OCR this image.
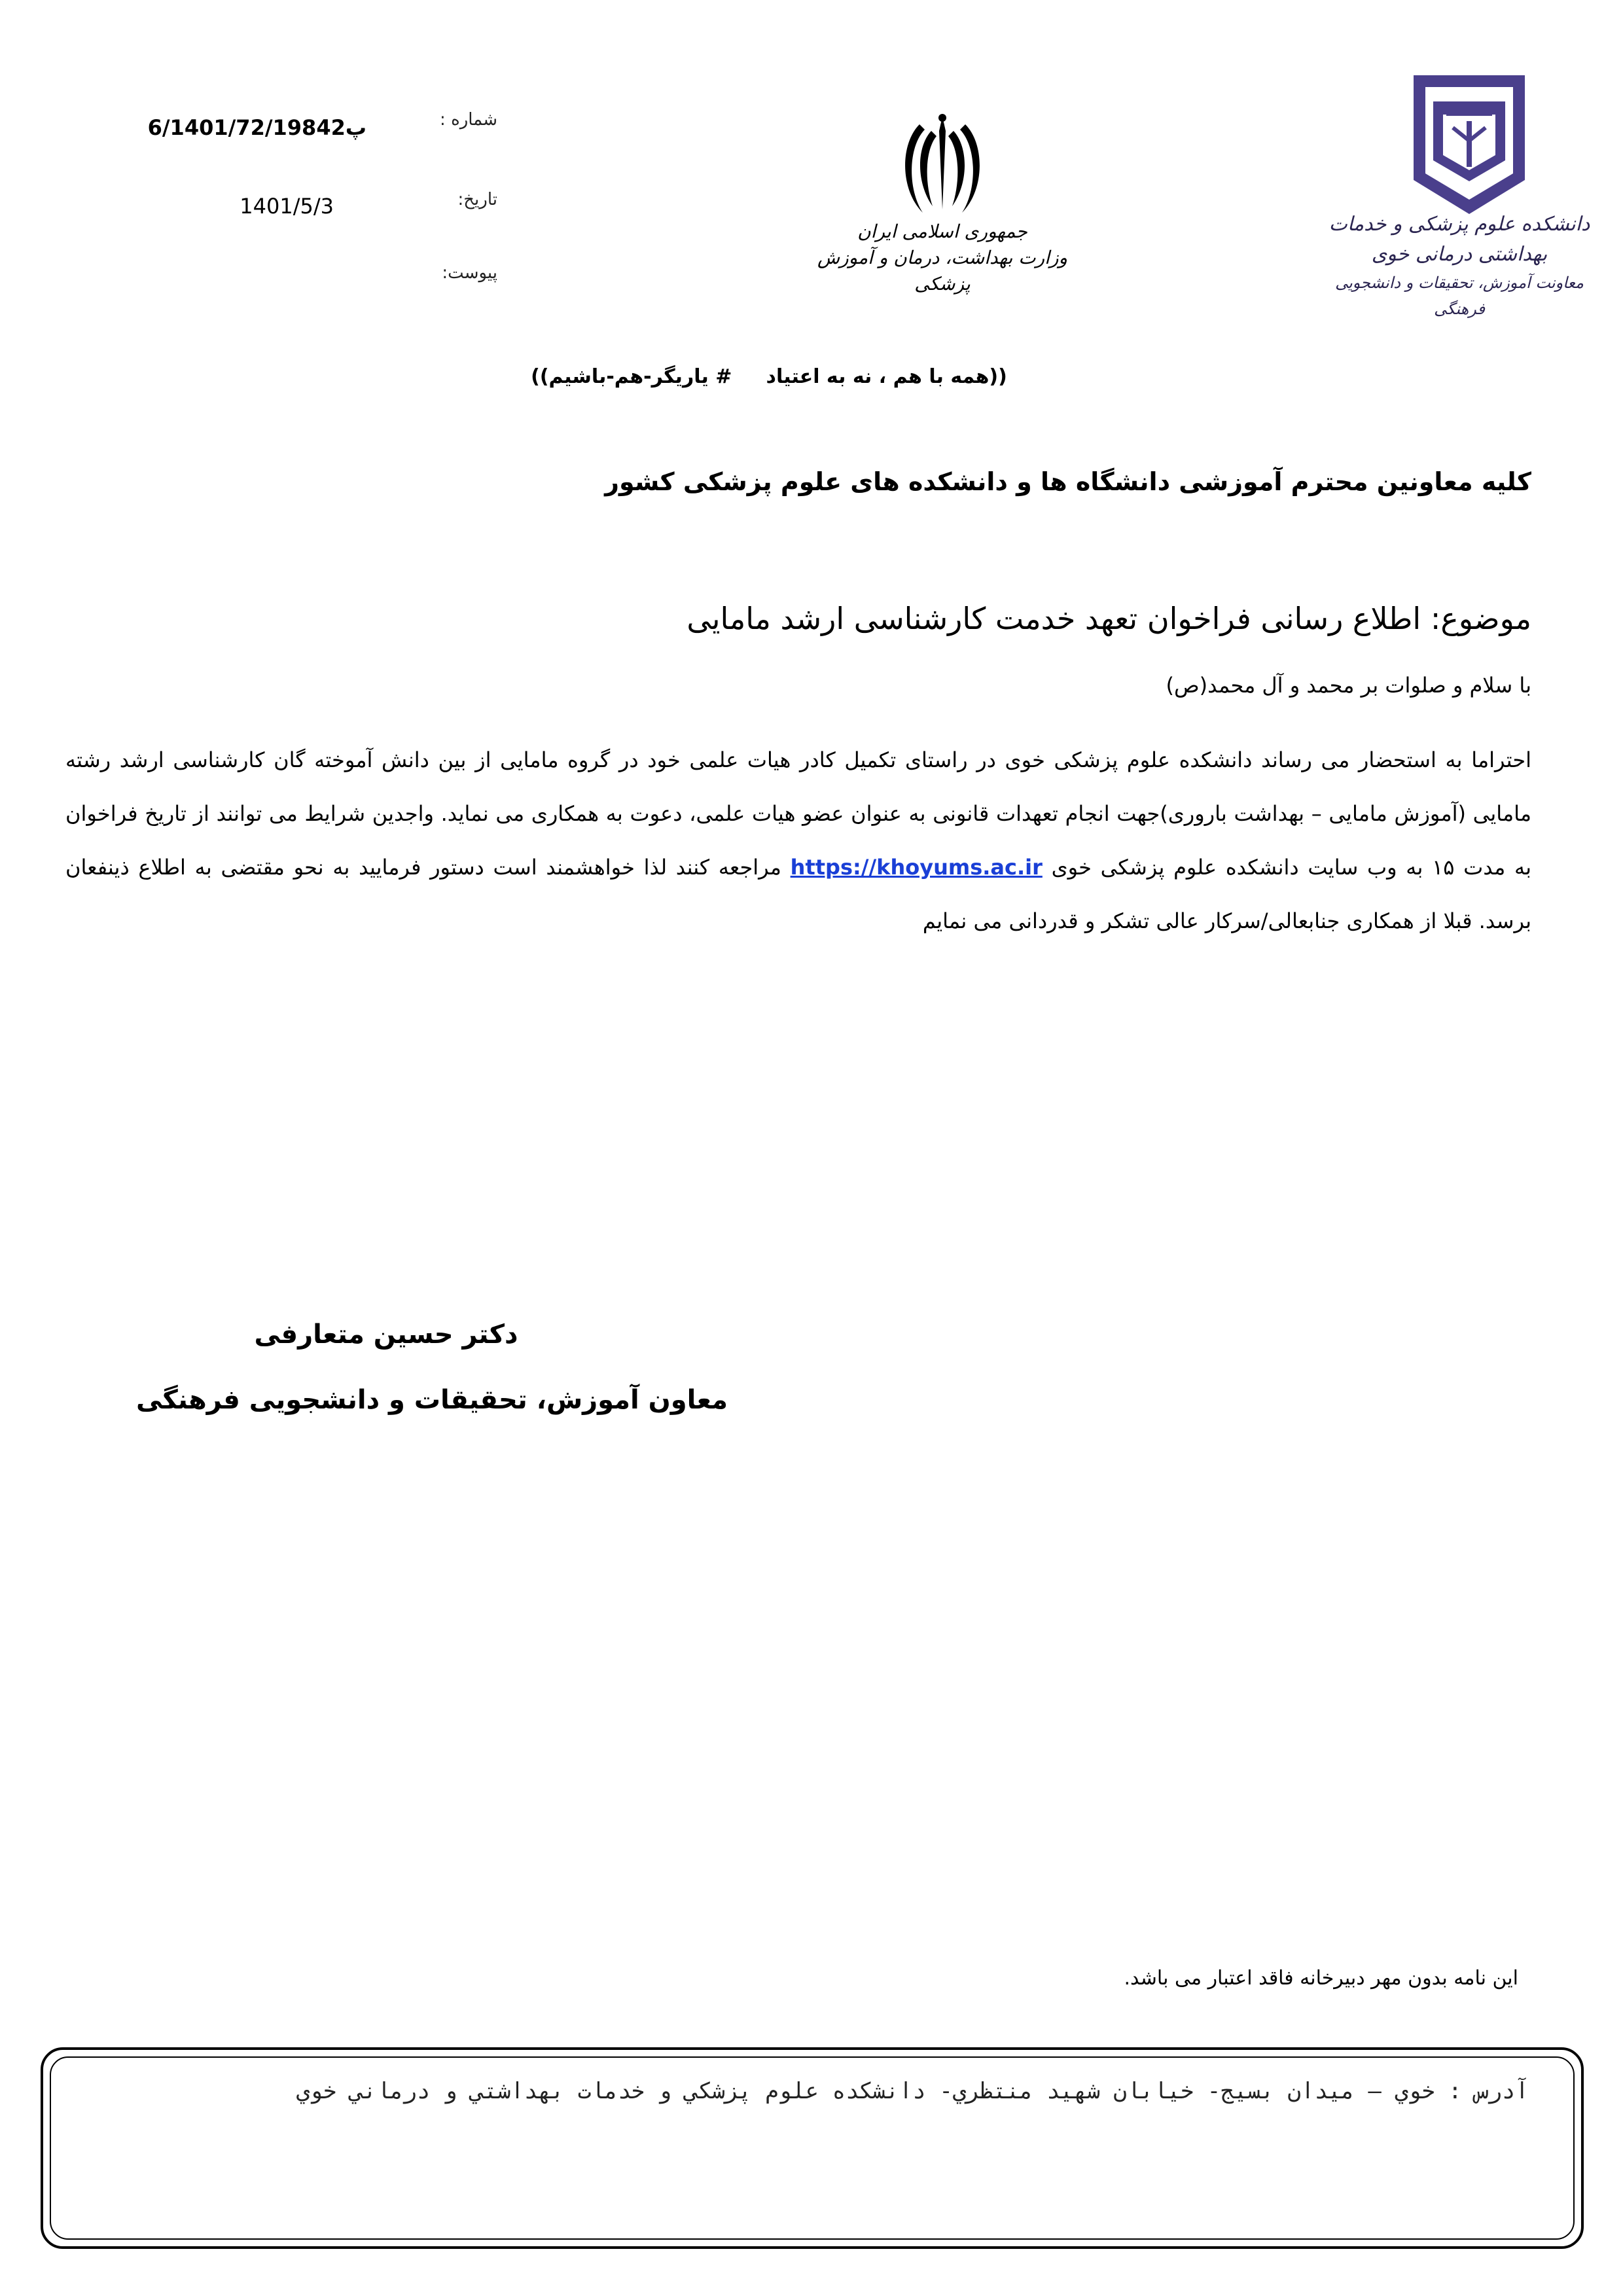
شماره :
6/1401/72/19842پ
تاریخ:
1401/5/3
پیوست:
جمهوری اسلامی ایران
وزارت بهداشت، درمان و آموزش پزشکی
دانشکده علوم پزشکی و خدمات بهداشتی درمانی خوی
معاونت آموزش، تحقیقات و دانشجویی فرهنگی
((همه با هم ، نه به اعتیاد     # یاریگر-هم-باشیم))
کلیه معاونین محترم آموزشی دانشگاه ها و دانشکده های علوم پزشکی کشور
موضوع: اطلاع رسانی فراخوان تعهد خدمت کارشناسی ارشد مامایی
با سلام و صلوات بر محمد و آل محمد(ص)
احتراما به استحضار می رساند دانشکده علوم پزشکی خوی در راستای تکمیل کادر هیات علمی خود در گروه مامایی از بین دانش آموخته گان کارشناسی ارشد رشته مامایی (آموزش مامایی – بهداشت باروری)جهت انجام تعهدات قانونی به عنوان عضو هیات علمی، دعوت به همکاری می نماید. واجدین شرایط می توانند از تاریخ فراخوان به مدت ۱۵ به وب سایت دانشکده علوم پزشکی خوی https://khoyums.ac.ir مراجعه کنند لذا خواهشمند است دستور فرمایید به نحو مقتضی به اطلاع ذینفعان برسد. قبلا از همکاری جنابعالی/سرکار عالی تشکر و قدردانی می نمایم
دکتر حسین متعارفی
معاون آموزش، تحقیقات و دانشجویی فرهنگی
این نامه بدون مهر دبیرخانه فاقد اعتبار می باشد.
آدرس : خوي – ميدان بسيج- خيابان شهيد منتظري- دانشكده علوم پزشكي و خدمات بهداشتي و درماني خوي
